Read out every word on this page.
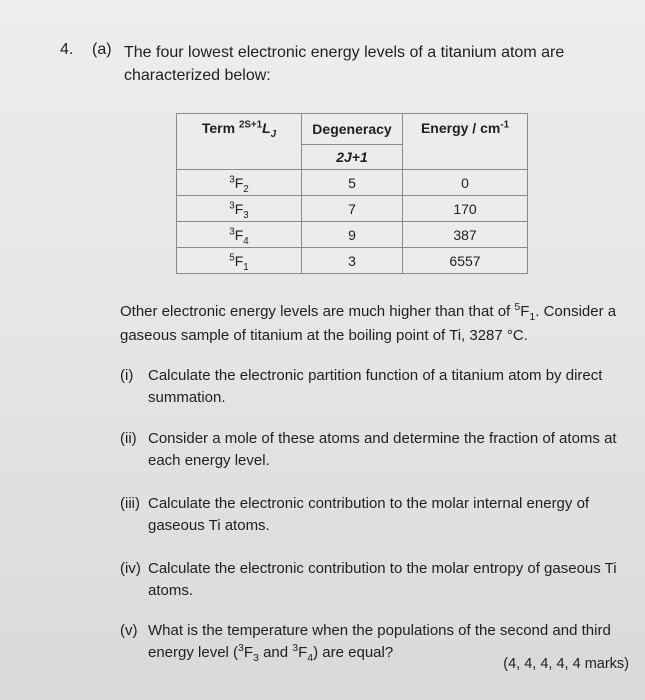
4. (a) The four lowest electronic energy levels of a titanium atom are characterized below:
Term $^{2S+1}L_J$	Degeneracy	Energy / $cm^{-1}$
	2J+1	
$^3F_2$	5	0
$^3F_3$	7	170
$^3F_4$	9	387
$^5F_1$	3	6557
Other electronic energy levels are much higher than that of $^5F_1$. Consider a gaseous sample of titanium at the boiling point of Ti, 3287 °C.
(i) Calculate the electronic partition function of a titanium atom by direct summation.
(ii) Consider a mole of these atoms and determine the fraction of atoms at each energy level.
(iii) Calculate the electronic contribution to the molar internal energy of gaseous Ti atoms.
(iv) Calculate the electronic contribution to the molar entropy of gaseous Ti atoms.
(v) What is the temperature when the populations of the second and third energy level ($^3F_3$ and $^3F_4$) are equal?
(4, 4, 4, 4, 4 marks)
